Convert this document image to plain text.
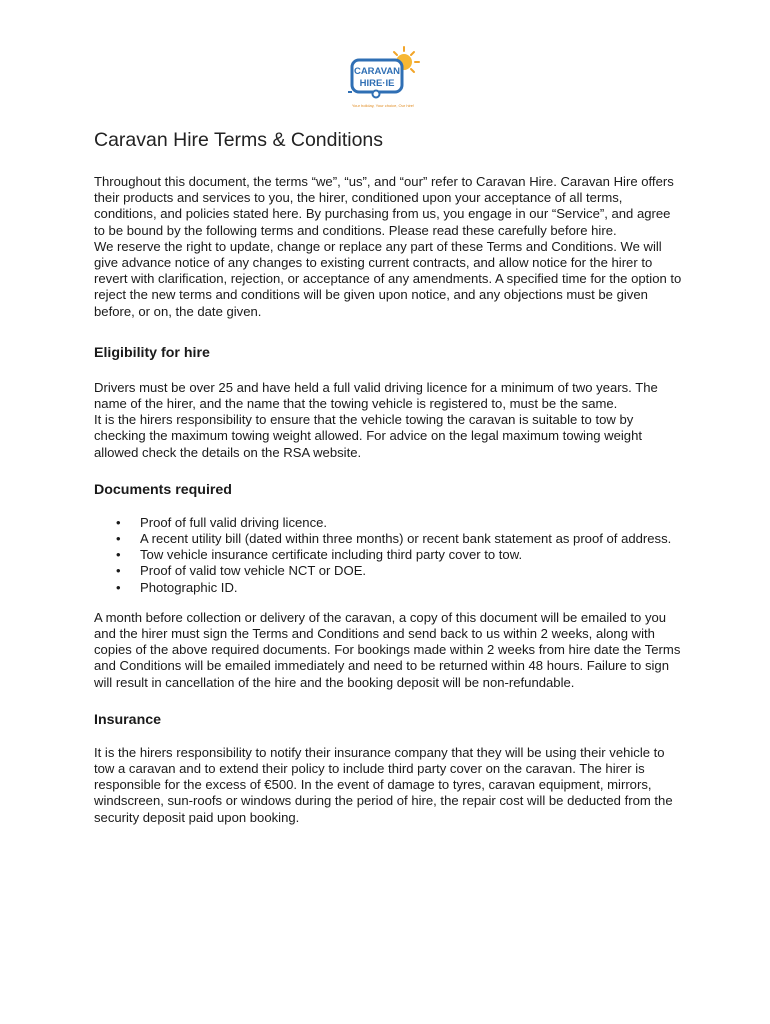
CARAVAN
HIRE·IE
Your holiday, Your choice, Our hire!
Caravan Hire Terms & Conditions

Throughout this document, the terms “we”, “us”, and “our” refer to Caravan Hire. Caravan Hire offers their products and services to you, the hirer, conditioned upon your acceptance of all terms, conditions, and policies stated here. By purchasing from us, you engage in our “Service”, and agree to be bound by the following terms and conditions. Please read these carefully before hire.

We reserve the right to update, change or replace any part of these Terms and Conditions. We will give advance notice of any changes to existing current contracts, and allow notice for the hirer to revert with clarification, rejection, or acceptance of any amendments. A specified time for the option to reject the new terms and conditions will be given upon notice, and any objections must be given before, or on, the date given.

Eligibility for hire

Drivers must be over 25 and have held a full valid driving licence for a minimum of two years. The name of the hirer, and the name that the towing vehicle is registered to, must be the same.

It is the hirers responsibility to ensure that the vehicle towing the caravan is suitable to tow by checking the maximum towing weight allowed. For advice on the legal maximum towing weight allowed check the details on the RSA website.

Documents required
• Proof of full valid driving licence.
• A recent utility bill (dated within three months) or recent bank statement as proof of address.
• Tow vehicle insurance certificate including third party cover to tow.
• Proof of valid tow vehicle NCT or DOE.
• Photographic ID.

A month before collection or delivery of the caravan, a copy of this document will be emailed to you and the hirer must sign the Terms and Conditions and send back to us within 2 weeks, along with copies of the above required documents. For bookings made within 2 weeks from hire date the Terms and Conditions will be emailed immediately and need to be returned within 48 hours. Failure to sign will result in cancellation of the hire and the booking deposit will be non-refundable.

Insurance

It is the hirers responsibility to notify their insurance company that they will be using their vehicle to tow a caravan and to extend their policy to include third party cover on the caravan. The hirer is responsible for the excess of €500. In the event of damage to tyres, caravan equipment, mirrors, windscreen, sun-roofs or windows during the period of hire, the repair cost will be deducted from the security deposit paid upon booking.
